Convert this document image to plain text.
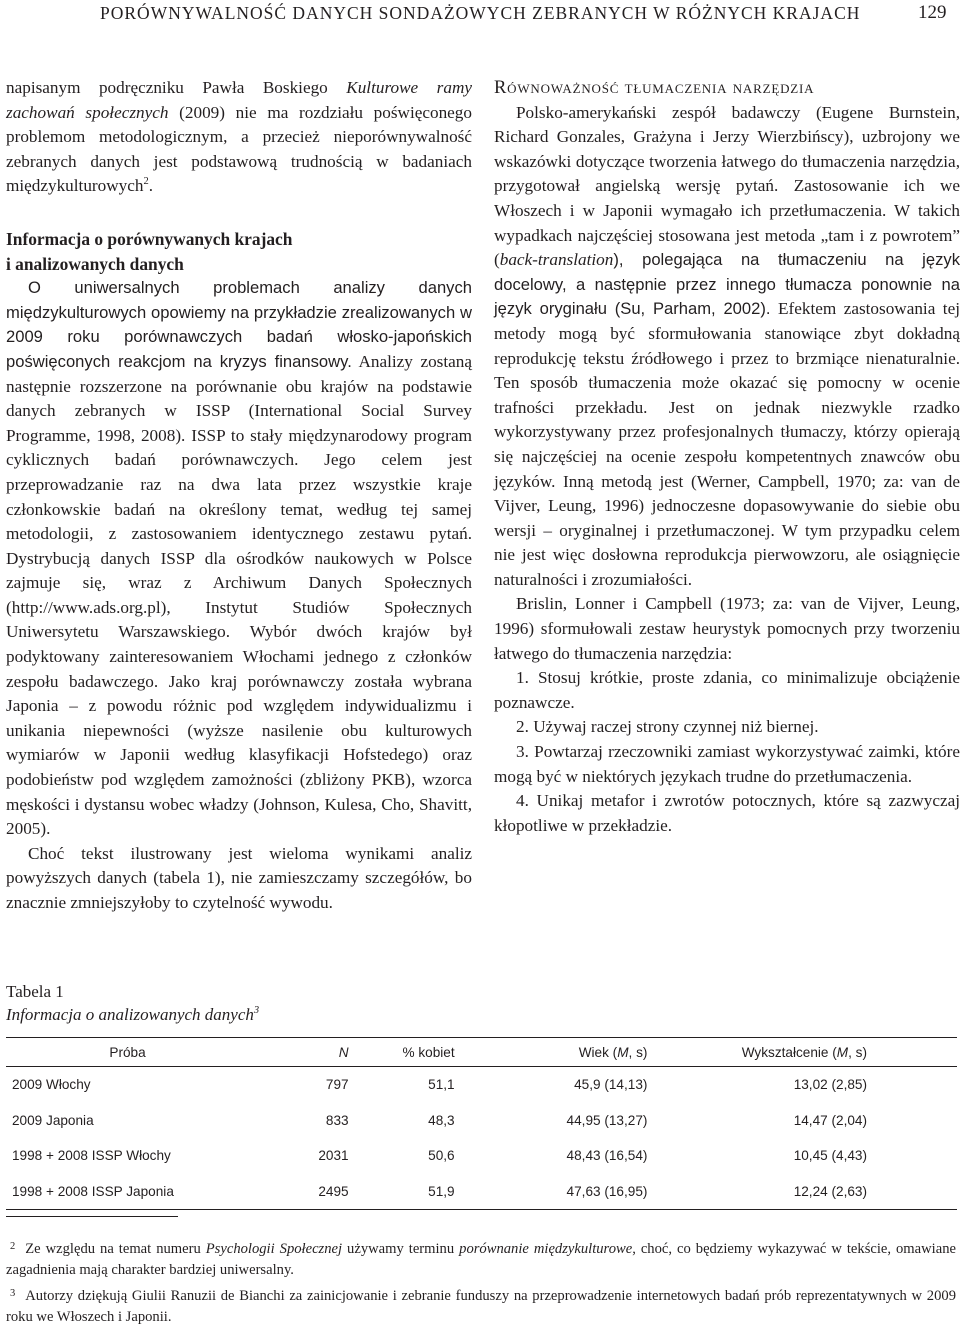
PORÓWNYWALNOŚĆ DANYCH SONDAŻOWYCH ZEBRANYCH W RÓŻNYCH KRAJACH	129

napisanym podręczniku Pawła Boskiego Kulturowe ramy zachowań społecznych (2009) nie ma rozdziału poświęconego problemom metodologicznym, a przecież nieporównywalność zebranych danych jest podstawową trudnością w badaniach międzykulturowych$^2$.

Informacja o porównywanych krajach
i analizowanych danych

O uniwersalnych problemach analizy danych międzykulturowych opowiemy na przykładzie zrealizowanych w 2009 roku porównawczych badań włosko-japońskich poświęconych reakcjom na kryzys finansowy. Analizy zostaną następnie rozszerzone na porównanie obu krajów na podstawie danych zebranych w ISSP (International Social Survey Programme, 1998, 2008). ISSP to stały międzynarodowy program cyklicznych badań porównawczych. Jego celem jest przeprowadzanie raz na dwa lata przez wszystkie kraje członkowskie badań na określony temat, według tej samej metodologii, z zastosowaniem identycznego zestawu pytań. Dystrybucją danych ISSP dla ośrodków naukowych w Polsce zajmuje się, wraz z Archiwum Danych Społecznych (http://www.ads.org.pl), Instytut Studiów Społecznych Uniwersytetu Warszawskiego. Wybór dwóch krajów był podyktowany zainteresowaniem Włochami jednego z członków zespołu badawczego. Jako kraj porównawczy została wybrana Japonia – z powodu różnic pod względem indywidualizmu i unikania niepewności (wyższe nasilenie obu kulturowych wymiarów w Japonii według klasyfikacji Hofstedego) oraz podobieństw pod względem zamożności (zbliżony PKB), wzorca męskości i dystansu wobec władzy (Johnson, Kulesa, Cho, Shavitt, 2005).

Choć tekst ilustrowany jest wieloma wynikami analiz powyższych danych (tabela 1), nie zamieszczamy szczegółów, bo znacznie zmniejszyłoby to czytelność wywodu.

Równoważność tłumaczenia narzędzia

Polsko-amerykański zespół badawczy (Eugene Burnstein, Richard Gonzales, Grażyna i Jerzy Wierzbińscy), uzbrojony we wskazówki dotyczące tworzenia łatwego do tłumaczenia narzędzia, przygotował angielską wersję pytań. Zastosowanie ich we Włoszech i w Japonii wymagało ich przetłumaczenia. W takich wypadkach najczęściej stosowana jest metoda „tam i z powrotem” (back-translation), polegająca na tłumaczeniu na język docelowy, a następnie przez innego tłumacza ponownie na język oryginału (Su, Parham, 2002). Efektem zastosowania tej metody mogą być sformułowania stanowiące zbyt dokładną reprodukcję tekstu źródłowego i przez to brzmiące nienaturalnie. Ten sposób tłumaczenia może okazać się pomocny w ocenie trafności przekładu. Jest on jednak niezwykle rzadko wykorzystywany przez profesjonalnych tłumaczy, którzy opierają się najczęściej na ocenie zespołu kompetentnych znawców obu języków. Inną metodą jest (Werner, Campbell, 1970; za: van de Vijver, Leung, 1996) jednoczesne dopasowywanie do siebie obu wersji – oryginalnej i przetłumaczonej. W tym przypadku celem nie jest więc dosłowna reprodukcja pierwowzoru, ale osiągnięcie naturalności i zrozumiałości.

Brislin, Lonner i Campbell (1973; za: van de Vijver, Leung, 1996) sformułowali zestaw heurystyk pomocnych przy tworzeniu łatwego do tłumaczenia narzędzia:

1. Stosuj krótkie, proste zdania, co minimalizuje obciążenie poznawcze.

2. Używaj raczej strony czynnej niż biernej.

3. Powtarzaj rzeczowniki zamiast wykorzystywać zaimki, które mogą być w niektórych językach trudne do przetłumaczenia.

4. Unikaj metafor i zwrotów potocznych, które są zazwyczaj kłopotliwe w przekładzie.

Tabela 1
Informacja o analizowanych danych$^3$
Próba	N	% kobiet	Wiek (M, s)	Wykształcenie (M, s)
2009 Włochy	797	51,1	45,9 (14,13)	13,02 (2,85)
2009 Japonia	833	48,3	44,95 (13,27)	14,47 (2,04)
1998 + 2008 ISSP Włochy	2031	50,6	48,43 (16,54)	10,45 (4,43)
1998 + 2008 ISSP Japonia	2495	51,9	47,63 (16,95)	12,24 (2,63)

$^2$ Ze względu na temat numeru Psychologii Społecznej używamy terminu porównanie międzykulturowe, choć, co będziemy wykazywać w tekście, omawiane zagadnienia mają charakter bardziej uniwersalny.

$^3$ Autorzy dziękują Giulii Ranuzii de Bianchi za zainicjowanie i zebranie funduszy na przeprowadzenie internetowych badań prób reprezentatywnych w 2009 roku we Włoszech i Japonii.
